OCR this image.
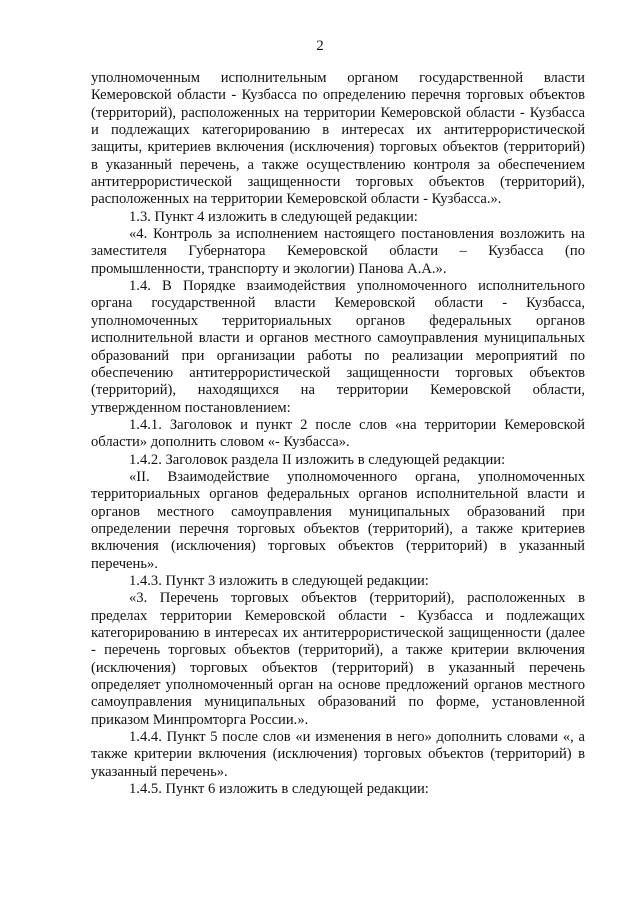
2

уполномоченным исполнительным органом государственной власти Кемеровской области - Кузбасса по определению перечня торговых объектов (территорий), расположенных на территории Кемеровской области - Кузбасса и подлежащих категорированию в интересах их антитеррористической защиты, критериев включения (исключения) торговых объектов (территорий) в указанный перечень, а также осуществлению контроля за обеспечением антитеррористической защищенности торговых объектов (территорий), расположенных на территории Кемеровской области - Кузбасса.».

1.3. Пункт 4 изложить в следующей редакции:

«4. Контроль за исполнением настоящего постановления возложить на заместителя Губернатора Кемеровской области – Кузбасса (по промышленности, транспорту и экологии) Панова А.А.».

1.4. В Порядке взаимодействия уполномоченного исполнительного органа государственной власти Кемеровской области - Кузбасса, уполномоченных территориальных органов федеральных органов исполнительной власти и органов местного самоуправления муниципальных образований при организации работы по реализации мероприятий по обеспечению антитеррористической защищенности торговых объектов (территорий), находящихся на территории Кемеровской области, утвержденном постановлением:

1.4.1. Заголовок и пункт 2 после слов «на территории Кемеровской области» дополнить словом «- Кузбасса».

1.4.2. Заголовок раздела II изложить в следующей редакции:

«II. Взаимодействие уполномоченного органа, уполномоченных территориальных органов федеральных органов исполнительной власти и органов местного самоуправления муниципальных образований при определении перечня торговых объектов (территорий), а также критериев включения (исключения) торговых объектов (территорий) в указанный перечень».

1.4.3. Пункт 3 изложить в следующей редакции:

«3. Перечень торговых объектов (территорий), расположенных в пределах территории Кемеровской области - Кузбасса и подлежащих категорированию в интересах их антитеррористической защищенности (далее - перечень торговых объектов (территорий), а также критерии включения (исключения) торговых объектов (территорий) в указанный перечень определяет уполномоченный орган на основе предложений органов местного самоуправления муниципальных образований по форме, установленной приказом Минпромторга России.».

1.4.4. Пункт 5 после слов «и изменения в него» дополнить словами «, а также критерии включения (исключения) торговых объектов (территорий) в указанный перечень».

1.4.5. Пункт 6 изложить в следующей редакции:
